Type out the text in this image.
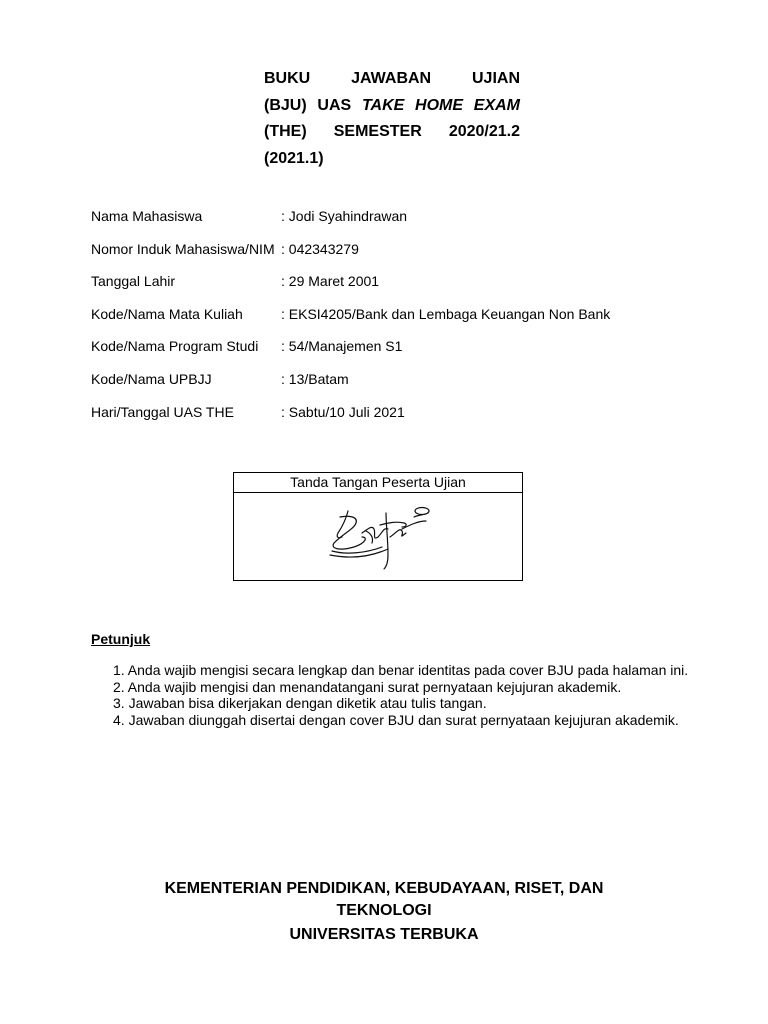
BUKU JAWABAN UJIAN
(BJU) UAS TAKE HOME EXAM
(THE) SEMESTER 2020/21.2
(2021.1)
Nama Mahasiswa	: Jodi Syahindrawan
Nomor Induk Mahasiswa/NIM : 042343279
Tanggal Lahir	: 29 Maret 2001
Kode/Nama Mata Kuliah	: EKSI4205/Bank dan Lembaga Keuangan Non Bank
Kode/Nama Program Studi : 54/Manajemen S1
Kode/Nama UPBJJ	: 13/Batam
Hari/Tanggal UAS THE	: Sabtu/10 Juli 2021
Tanda Tangan Peserta Ujian
Petunjuk
1. Anda wajib mengisi secara lengkap dan benar identitas pada cover BJU pada halaman ini.
2. Anda wajib mengisi dan menandatangani surat pernyataan kejujuran akademik.
3. Jawaban bisa dikerjakan dengan diketik atau tulis tangan.
4. Jawaban diunggah disertai dengan cover BJU dan surat pernyataan kejujuran akademik.
KEMENTERIAN PENDIDIKAN, KEBUDAYAAN, RISET, DAN
TEKNOLOGI
UNIVERSITAS TERBUKA
